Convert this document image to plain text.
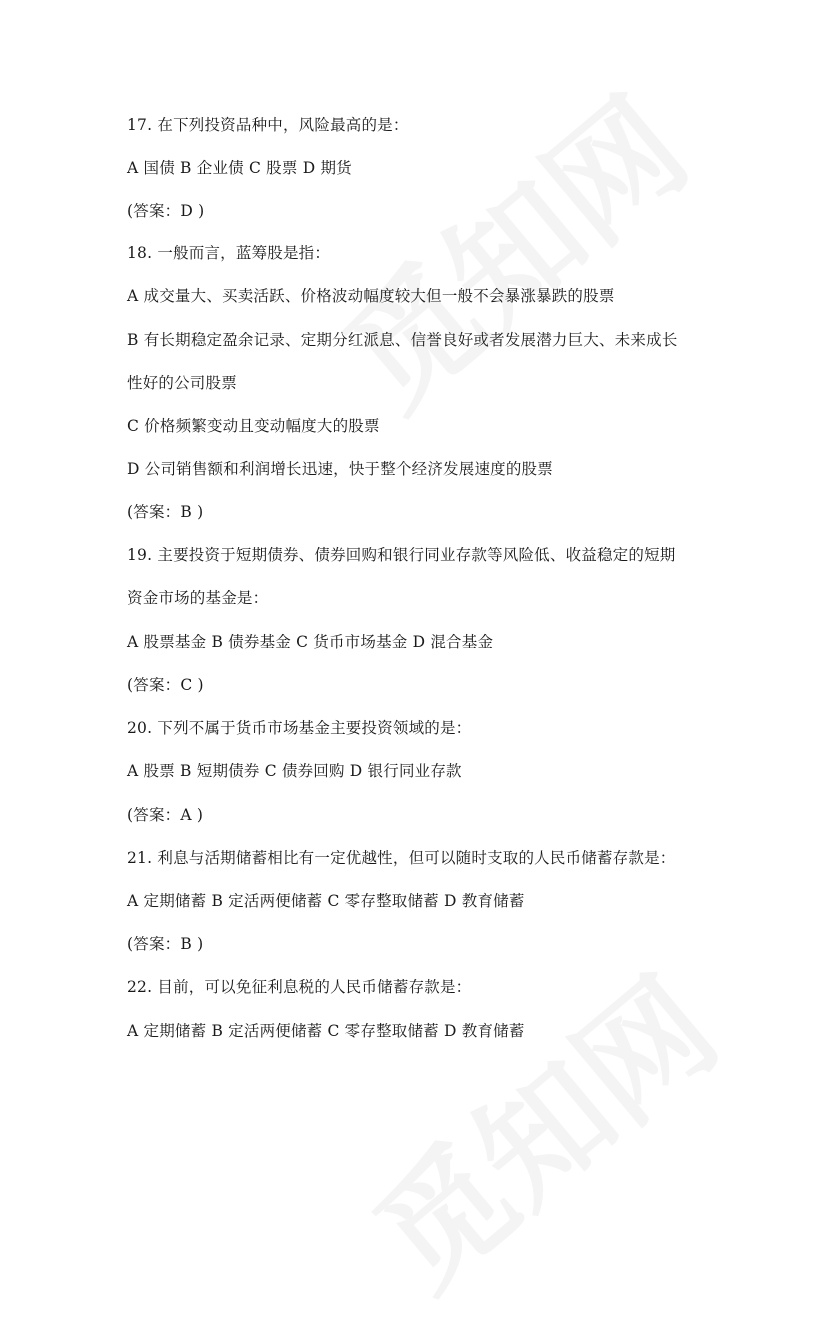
17. 在下列投资品种中，风险最高的是：
A 国债 B 企业债 C 股票 D 期货
(答案：D )
18. 一般而言，蓝筹股是指：
A 成交量大、买卖活跃、价格波动幅度较大但一般不会暴涨暴跌的股票
B 有长期稳定盈余记录、定期分红派息、信誉良好或者发展潜力巨大、未来成长
性好的公司股票
C 价格频繁变动且变动幅度大的股票
D 公司销售额和利润增长迅速，快于整个经济发展速度的股票
(答案：B )
19. 主要投资于短期债券、债券回购和银行同业存款等风险低、收益稳定的短期
资金市场的基金是：
A 股票基金 B 债券基金 C 货币市场基金 D 混合基金
(答案：C )
20. 下列不属于货币市场基金主要投资领域的是：
A 股票 B 短期债券 C 债券回购 D 银行同业存款
(答案：A )
21. 利息与活期储蓄相比有一定优越性，但可以随时支取的人民币储蓄存款是：
A 定期储蓄 B 定活两便储蓄 C 零存整取储蓄 D 教育储蓄
(答案：B )
22. 目前，可以免征利息税的人民币储蓄存款是：
A 定期储蓄 B 定活两便储蓄 C 零存整取储蓄 D 教育储蓄
